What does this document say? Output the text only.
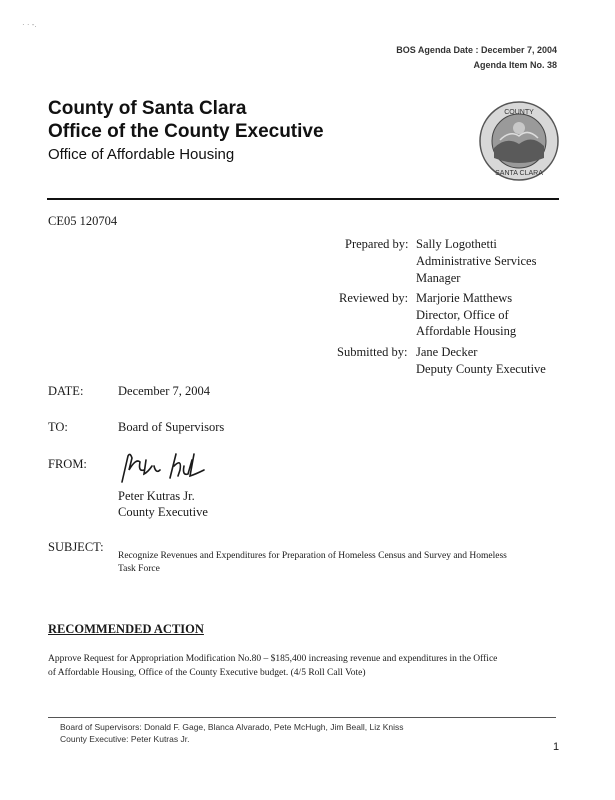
· · -.
BOS Agenda Date : December 7, 2004
Agenda Item No. 38
County of Santa Clara
Office of the County Executive
Office of Affordable Housing
COUNTY
SANTA CLARA
CE05 120704
Prepared by: Sally Logothetti
Administrative Services
Manager
Reviewed by: Marjorie Matthews
Director, Office of
Affordable Housing
Submitted by: Jane Decker
Deputy County Executive
DATE:	December 7, 2004
TO:	Board of Supervisors
FROM:
Peter Kutras Jr.
County Executive
SUBJECT:
Recognize Revenues and Expenditures for Preparation of Homeless Census and Survey and Homeless
Task Force
RECOMMENDED ACTION
Approve Request for Appropriation Modification No.80 – $185,400 increasing revenue and expenditures in the Office
of Affordable Housing, Office of the County Executive budget. (4/5 Roll Call Vote)
Board of Supervisors: Donald F. Gage, Blanca Alvarado, Pete McHugh, Jim Beall, Liz Kniss
County Executive: Peter Kutras Jr.
1
